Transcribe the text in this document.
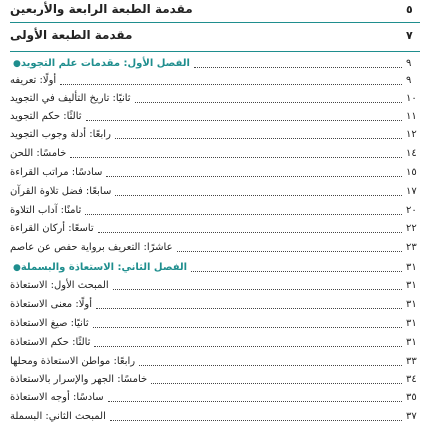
مقدمة الطبعة الرابعة والأربعين	٥
مقدمة الطبعة الأولى	٧
● الفصل الأول: مقدمات علم التجويد	٩
أولًا: تعريفه	٩
ثانيًا: تاريخ التأليف في التجويد	١٠
ثالثًا: حكم التجويد	١١
رابعًا: أدلة وجوب التجويد	١٢
خامسًا: اللحن	١٤
سادسًا: مراتب القراءة	١٥
سابعًا: فضل تلاوة القرآن	١٧
ثامنًا: آداب التلاوة	٢٠
تاسعًا: أركان القراءة	٢٢
عاشرًا: التعريف برواية حفص عن عاصم	٢٣
● الفصل الثاني: الاستعاذة والبسملة	٣١
المبحث الأول: الاستعاذة	٣١
أولًا: معنى الاستعاذة	٣١
ثانيًا: صيغ الاستعاذة	٣١
ثالثًا: حكم الاستعاذة	٣١
رابعًا: مواطن الاستعاذة ومحلها	٣٣
خامسًا: الجهر والإسرار بالاستعاذة	٣٤
سادسًا: أوجه الاستعاذة	٣٥
المبحث الثاني: البسملة	٣٧
